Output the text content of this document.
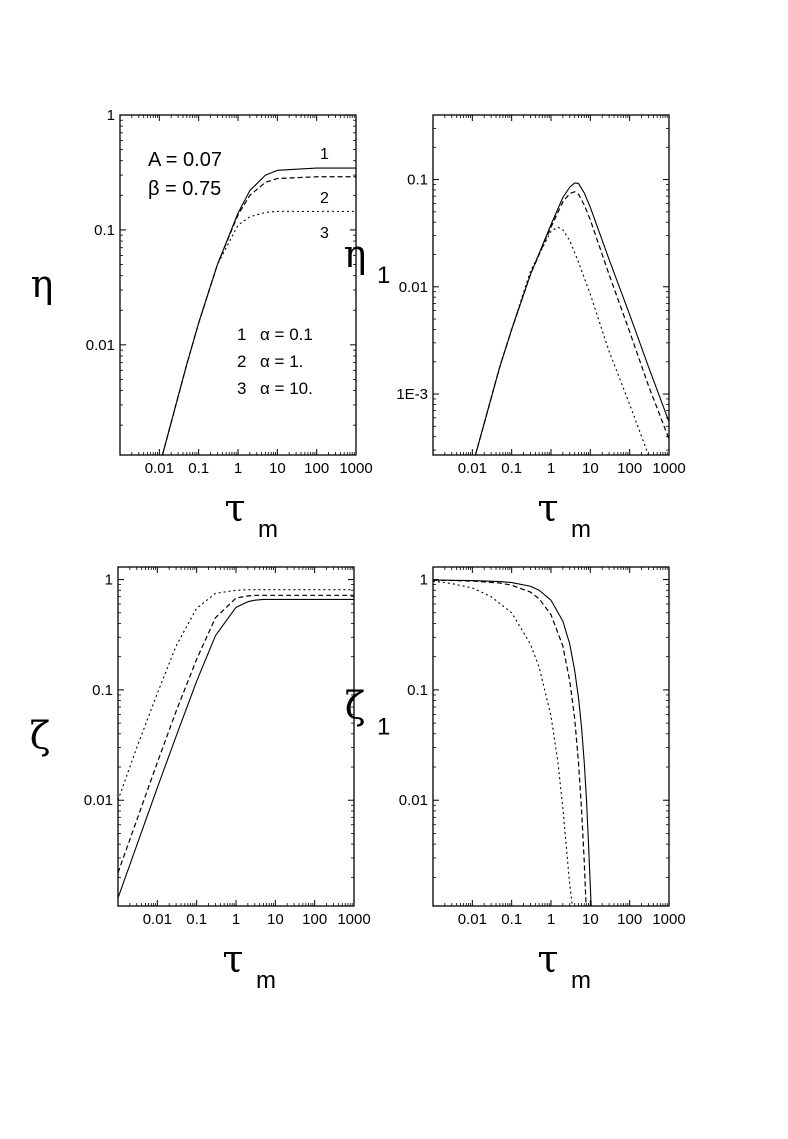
0.01 0.1 1 10 100 1000
0.01
0.1
1
τ m
η
A = 0.07
β = 0.75
1 α = 0.1
2 α = 1.
3 α = 10.
1
2
3
0.01 0.1 1 10 100 1000
1E-3
0.01
0.1
τ m
η 1
0.01 0.1 1 10 100 1000
0.01
0.1
1
τ m
ζ
0.01 0.1 1 10 100 1000
0.01
0.1
1
τ m
ζ 1
